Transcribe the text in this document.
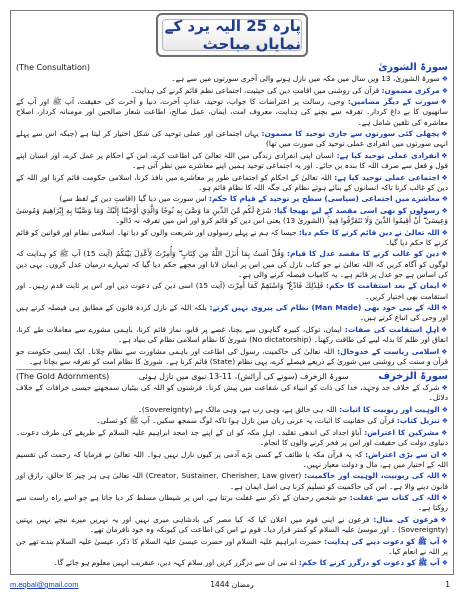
پارہ 25 الیہ یرد کے نمایاں مباحث
سورۃ الشوریٰ
(The Consultation)
❖سورۃ الشوریٰ، 13 ویں سال میں مکہ میں نازل ہونے والی آخری سورتوں میں سے ہے۔
❖مرکزی مضمون: قرآن کی روشنی میں اقامتِ دین کی حیثیت، اجتماعی نظم قائم کرنے کی ہدایت۔
❖سورت کے دیگر مضامین: وحی، رسالت پر اعتراضات کا جواب، توحید، عذابِ آخرت، دنیا و آخرت کی حقیقت، آپ ﷺ اور آپ کے ساتھیوں کا بے داغ کردار۔ تفرقہ سے بچنے کی ہدایت، معروف امت، ایمان، عمل صالح، اطاعت شعار صالحین اور مومنانہ کردار، اصلاح معاشرہ کی تلقین شامل ہے۔
❖پچھلی کئی سورتوں سے جاری توحید کا مضمون: یہاں اجتماعی اور عملی توحید کی شکل اختیار کر لیتا ہے (جبکہ اس سے پہلے انہی سورتوں میں انفرادی عملی توحید کی صورت میں تھا)
❖انفرادی عملی توحید کیا ہے: انسان اپنی انفرادی زندگی میں اللہ تعالیٰ کی اطاعت کرے، اس کے احکام پر عمل کرے، اور انسان اپنے قول و فعل سے صرف اللہ کا بندہ بن جائے۔ اور یہ اجتماعی توحید ہمیں اپنے معاشرے میں نظر آتی ہے۔
❖اجتماعی عملی توحید کیا ہے: اللہ تعالیٰ کے احکام کو اجتماعی طور پر معاشرے میں نافذ کرنا، اسلامی حکومت قائم کرنا اور اللہ کے دین کو غالب کرنا تاکہ انسانوں کے بنائے ہوئے نظام کی جگہ اللہ کا نظام قائم ہو۔
❖معاشرے میں اجتماعی (سیاسی) سطح پر توحید کے قیام کا حکم: اس سورت میں دیا گیا (اقامتِ دین کے لفظ سے)
❖رسولوں کو بھی اسی مقصد کے لیے بھیجا گیا: شَرَعَ لَكُم مِّنَ الدِّينِ مَا وَصَّىٰ بِهِ نُوحًا وَالَّذِي أَوْحَيْنَا إِلَيْكَ وَمَا وَصَّيْنَا بِهِ إِبْرَاهِيمَ وَمُوسَىٰ وَعِيسَىٰ ۖ أَنْ أَقِيمُوا الدِّينَ وَلَا تَتَفَرَّقُوا فِيهِ ۚ (الشوریٰ 13) یعنی اس دین کو قائم کرو اور اس میں تفرقہ نہ ڈالو۔
❖اللہ تعالیٰ نے دین قائم کرنے کا حکم دیا: جیسا کہ ہم نے پہلے رسولوں اور شریعت والوں کو دیا تھا۔ اسلامی نظام اور قوانین کو قائم کرنے کا حکم دیا گیا۔
❖دین کو غالب کرنے کا مقصد عدل کا قیام: وَقُلْ آمَنتُ بِمَا أَنزَلَ اللَّهُ مِن كِتَابٍ ۖ وَأُمِرْتُ لِأَعْدِلَ بَيْنَكُمُ (آیت 15) آپ ﷺ کو ہدایت کہ لوگوں کو آگاہ کریں کہ اللہ تعالیٰ نے جو کتاب نازل کی میں اس پر ایمان لایا اور مجھے حکم دیا گیا کہ تمہارے درمیان عدل کروں۔ یہی دین کی اساس ہے جو عدل پر قائم ہے۔ یہ کامیاب فیصلہ کرنے والی ہے۔
❖ایمان کے بعد استقامت کا حکم: فَلِذَٰلِكَ فَادْعُ ۖ وَاسْتَقِمْ كَمَا أُمِرْتَ (آیت 15) اسی دین کی دعوت دیں اور اس پر ثابت قدم رہیں۔ اور استقامت بھی اختیار کریں۔
❖اللہ کے نبی خود بھی (Man Made) نظام کی پیروی نہیں کرتے: بلکہ اللہ کے نازل کردہ قانون کے مطابق ہی فیصلہ کرتے ہیں اور وحی کی اتباع کرتے ہیں۔
❖اہلِ استقامت کی صفات: ایمان، توکل، کبیرہ گناہوں سے بچنا، غصے پر قابو، نماز قائم کرنا، باہمی مشورے سے معاملات طے کرنا، انفاق اور ظلم کا بدلہ لینے کی طاقت رکھنا۔ (No dictatorship) شوریٰ کا نظام اسلامی نظام کی بنیاد ہے۔
❖اسلامی ریاست کے خدوخال: اللہ تعالیٰ کی حاکمیت، رسول کی اطاعت اور باہمی مشاورت سے نظام چلانا۔ ایک ایسی حکومت جو قرآن و سنت کی روشنی میں شوریٰ کے ذریعے فیصلے کرے، یہی نظام (State) قائم کرنا ہے۔ شوریٰ کا نظام امت کو تفرقہ سے بچاتا ہے۔
سورۃ الزخرف
سورۃ الزخرف (سونے کی آرائش)، 11-13 نبوی میں نازل ہوئی
(The Gold Adornments)
❖شرک کے خلاف جد وجہد، خدا کی ذات کو انبیاء کی شفاعت میں پیش کرنا۔ فرشتوں کو اللہ کی بیٹیاں سمجھنے جیسی خرافات کے خلاف دلائل۔
❖الوہیت اور ربوبیت کا اثبات: اللہ ہی خالق ہے، وہی رب ہے، وہی مالک ہے (Sovereignty)۔
❖تنزیل کتاب: قرآن کی حقانیت کا اثبات، یہ عربی زبان میں نازل ہوا تاکہ لوگ سمجھ سکیں۔ آپ ﷺ کو تسلی۔
❖مشرکین کا اعتراض: آباؤ اجداد کی اندھی تقلید۔ اہلِ مکہ کو ان کے اپنے جد امجد ابراہیم علیہ السلام کے طریقے کی طرف دعوت۔ دنیاوی دولت کی حقیقت اور اس پر فخر کرنے والوں کا انجام۔
❖ان سے بڑی اعتراض: کہ یہ قرآن مکہ یا طائف کے کسی بڑے آدمی پر کیوں نازل نہیں ہوا۔ اللہ تعالیٰ نے فرمایا کہ رحمت کی تقسیم اللہ کے اختیار میں ہے، مال و دولت معیار نہیں۔
❖اللہ کی ربوبیت، الوہیت اور حاکمیت: (Creator, Sustainer, Cherisher, Law giver) اللہ تعالیٰ ہی ہر چیز کا خالق، رازق اور قانون دینے والا ہے۔ اس کی حاکمیت کو تسلیم کرنا ہی اصل ایمان ہے۔
❖اللہ کی کتاب سے غفلت: جو شخص رحمان کے ذکر سے غفلت برتتا ہے، اس پر شیطان مسلط کر دیا جاتا ہے جو اسے راہ راست سے روکتا ہے۔
❖فرعون کی مثال: فرعون نے اپنی قوم میں اعلان کیا کہ کیا مصر کی بادشاہی میری نہیں اور یہ نہریں میرے نیچے نہیں بہتیں (Sovereignty) ۔ اور موسیٰ علیہ السلام کو کمتر قرار دیا۔ قوم نے اس کی اطاعت کی کیونکہ وہ خود نافرمان تھے۔
❖آپ ﷺ کو دعوت دینے کی ہدایت: حضرت ابراہیم علیہ السلام اور حضرت عیسیٰ علیہ السلام کا ذکر، عیسیٰ علیہ السلام بندے تھے جن پر اللہ نے انعام کیا۔
❖آپ ﷺ کو دعوت کو درگزر کرنے کا حکم: اے نبی ان سے درگزر کریں اور سلام کہہ دیں، عنقریب انہیں معلوم ہو جائے گا۔
m.eqbal@gmail.com	رمضان 1444	1
